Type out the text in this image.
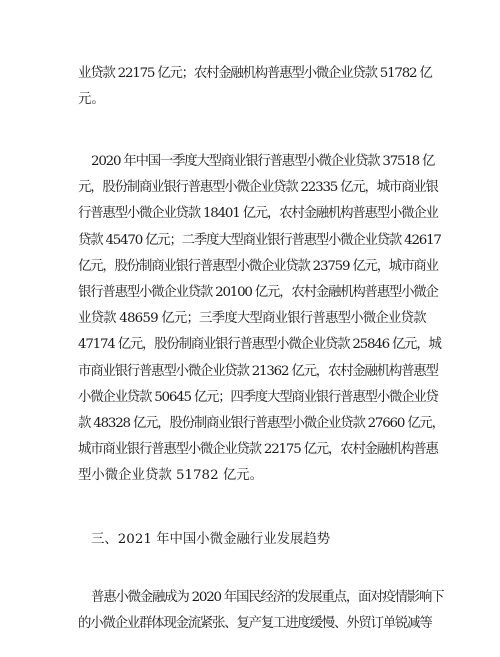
业贷款 22175 亿元；农村金融机构普惠型小微企业贷款 51782 亿
元。
2020 年中国一季度大型商业银行普惠型小微企业贷款 37518 亿
元，股份制商业银行普惠型小微企业贷款 22335 亿元，城市商业银
行普惠型小微企业贷款 18401 亿元，农村金融机构普惠型小微企业
贷款 45470 亿元；二季度大型商业银行普惠型小微企业贷款 42617
亿元，股份制商业银行普惠型小微企业贷款 23759 亿元，城市商业
银行普惠型小微企业贷款 20100 亿元，农村金融机构普惠型小微企
业贷款 48659 亿元；三季度大型商业银行普惠型小微企业贷款
47174 亿元，股份制商业银行普惠型小微企业贷款 25846 亿元，城
市商业银行普惠型小微企业贷款 21362 亿元，农村金融机构普惠型
小微企业贷款 50645 亿元；四季度大型商业银行普惠型小微企业贷
款 48328 亿元，股份制商业银行普惠型小微企业贷款 27660 亿元，
城市商业银行普惠型小微企业贷款 22175 亿元，农村金融机构普惠
型小微企业贷款 51782 亿元。
三、2021 年中国小微金融行业发展趋势
普惠小微金融成为 2020 年国民经济的发展重点，面对疫情影响下
的小微企业群体现金流紧张、复产复工进度缓慢、外贸订单锐减等
